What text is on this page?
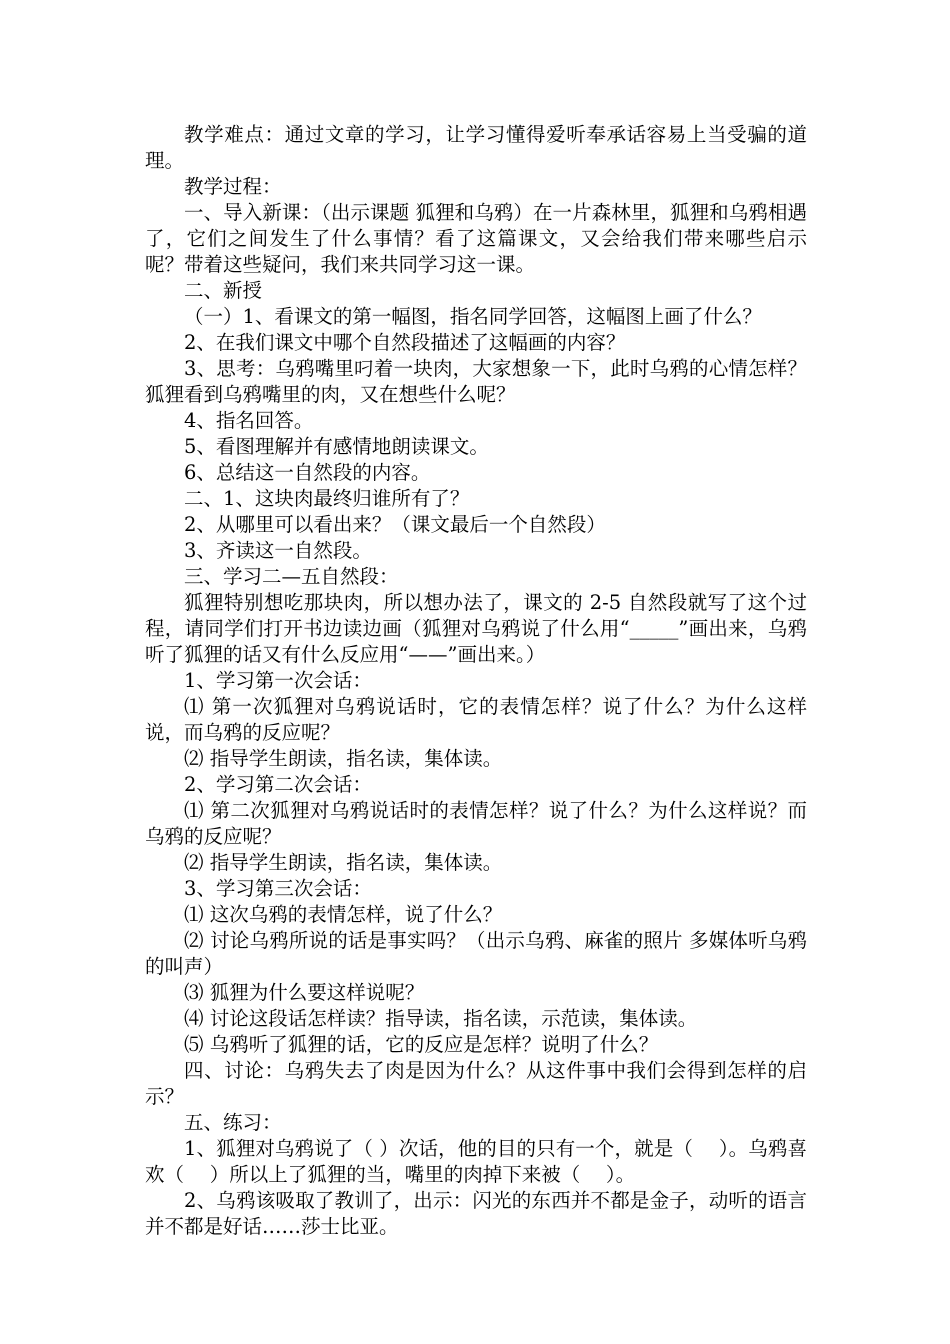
教学难点：通过文章的学习，让学习懂得爱听奉承话容易上当受骗的道理。

教学过程：

一、导入新课：（出示课题 狐狸和乌鸦）在一片森林里，狐狸和乌鸦相遇了，它们之间发生了什么事情？看了这篇课文，又会给我们带来哪些启示呢？带着这些疑问，我们来共同学习这一课。

二、新授

（一）1、看课文的第一幅图，指名同学回答，这幅图上画了什么？

2、在我们课文中哪个自然段描述了这幅画的内容？

3、思考：乌鸦嘴里叼着一块肉，大家想象一下，此时乌鸦的心情怎样？狐狸看到乌鸦嘴里的肉，又在想些什么呢？

4、指名回答。

5、看图理解并有感情地朗读课文。

6、总结这一自然段的内容。

二、1、这块肉最终归谁所有了？

2、从哪里可以看出来？（课文最后一个自然段）

3、齐读这一自然段。

三、学习二—五自然段：

狐狸特别想吃那块肉，所以想办法了，课文的 2-5 自然段就写了这个过程，请同学们打开书边读边画（狐狸对乌鸦说了什么用“_____”画出来，乌鸦听了狐狸的话又有什么反应用“——”画出来。）

1、学习第一次会话：

⑴ 第一次狐狸对乌鸦说话时，它的表情怎样？说了什么？为什么这样说，而乌鸦的反应呢？

⑵ 指导学生朗读，指名读，集体读。

2、学习第二次会话：

⑴ 第二次狐狸对乌鸦说话时的表情怎样？说了什么？为什么这样说？而乌鸦的反应呢？

⑵ 指导学生朗读，指名读，集体读。

3、学习第三次会话：

⑴ 这次乌鸦的表情怎样，说了什么？

⑵ 讨论乌鸦所说的话是事实吗？（出示乌鸦、麻雀的照片 多媒体听乌鸦的叫声）

⑶ 狐狸为什么要这样说呢？

⑷ 讨论这段话怎样读？指导读，指名读，示范读，集体读。

⑸ 乌鸦听了狐狸的话，它的反应是怎样？说明了什么？

四、讨论：乌鸦失去了肉是因为什么？从这件事中我们会得到怎样的启示？

五、练习：

1、狐狸对乌鸦说了（ ）次话，他的目的只有一个，就是（　 ）。乌鸦喜欢（　 ）所以上了狐狸的当，嘴里的肉掉下来被（　 ）。

2、乌鸦该吸取了教训了，出示：闪光的东西并不都是金子，动听的语言并不都是好话……莎士比亚。
